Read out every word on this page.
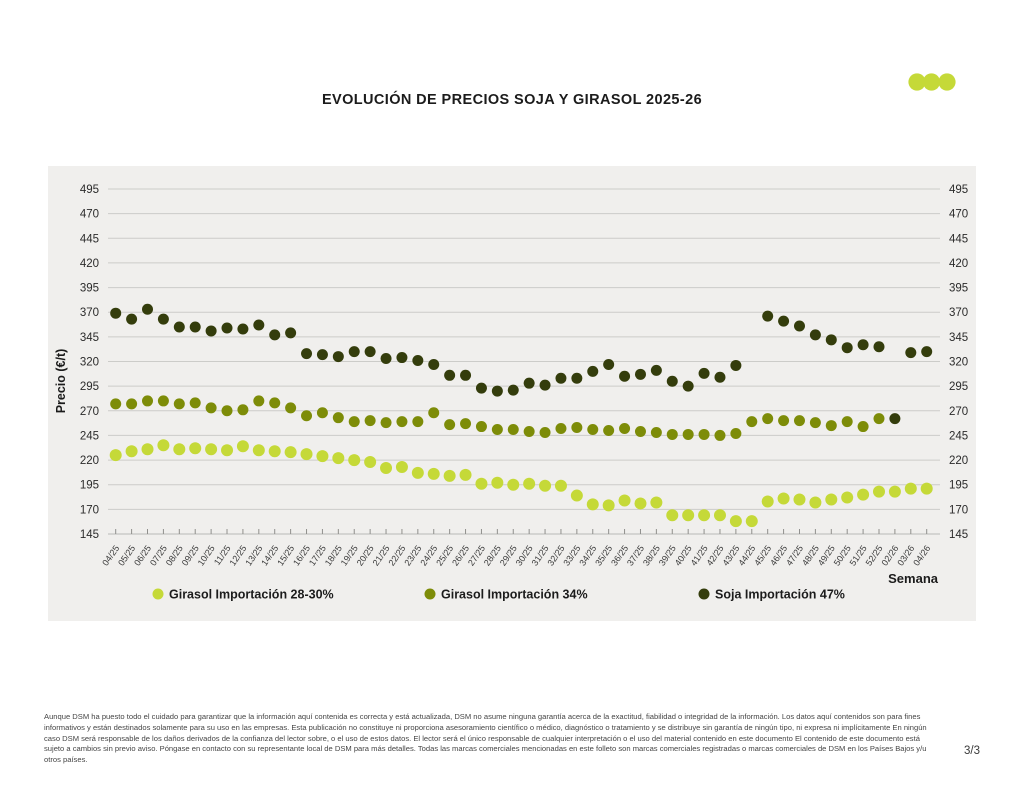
EVOLUCIÓN DE PRECIOS SOJA Y GIRASOL 2025-26
145	145
170	170
195	195
220	220
245	245
270	270
295	295
320	320
345	345
370	370
395	395
420	420
445	445
470	470
495	495
04/25
05/25
06/25
07/25
08/25
09/25
10/25
11/25
12/25
13/25
14/25
15/25
16/25
17/25
18/25
19/25
20/25
21/25
22/25
23/25
24/25
25/25
26/25
27/25
28/25
29/25
30/25
31/25
32/25
33/25
34/25
35/25
36/25
37/25
38/25
39/25
40/25
41/25
42/25
43/25
44/25
45/25
46/25
47/25
48/25
49/25
50/25
51/25
52/25
02/26
03/26
04/26
Precio (€/t)
Semana
Girasol Importación 28-30%	Girasol Importación 34%	Soja Importación 47%
Aunque DSM ha puesto todo el cuidado para garantizar que la información aquí contenida es correcta y está actualizada, DSM no asume ninguna garantía acerca de la exactitud, fiabilidad o integridad de la información. Los datos aquí contenidos son para fines informativos y están destinados solamente para su uso en las empresas. Esta publicación no constituye ni proporciona asesoramiento científico o médico, diagnóstico o tratamiento y se distribuye sin garantía de ningún tipo, ni expresa ni implícitamente En ningún caso DSM será responsable de los daños derivados de la confianza del lector sobre, o el uso de estos datos. El lector será el único responsable de cualquier interpretación o el uso del material contenido en este documento El contenido de este documento está sujeto a cambios sin previo aviso. Póngase en contacto con su representante local de DSM para más detalles. Todas las marcas comerciales mencionadas en este folleto son marcas comerciales registradas o marcas comerciales de DSM en los Países Bajos y/u otros países.
3/3
